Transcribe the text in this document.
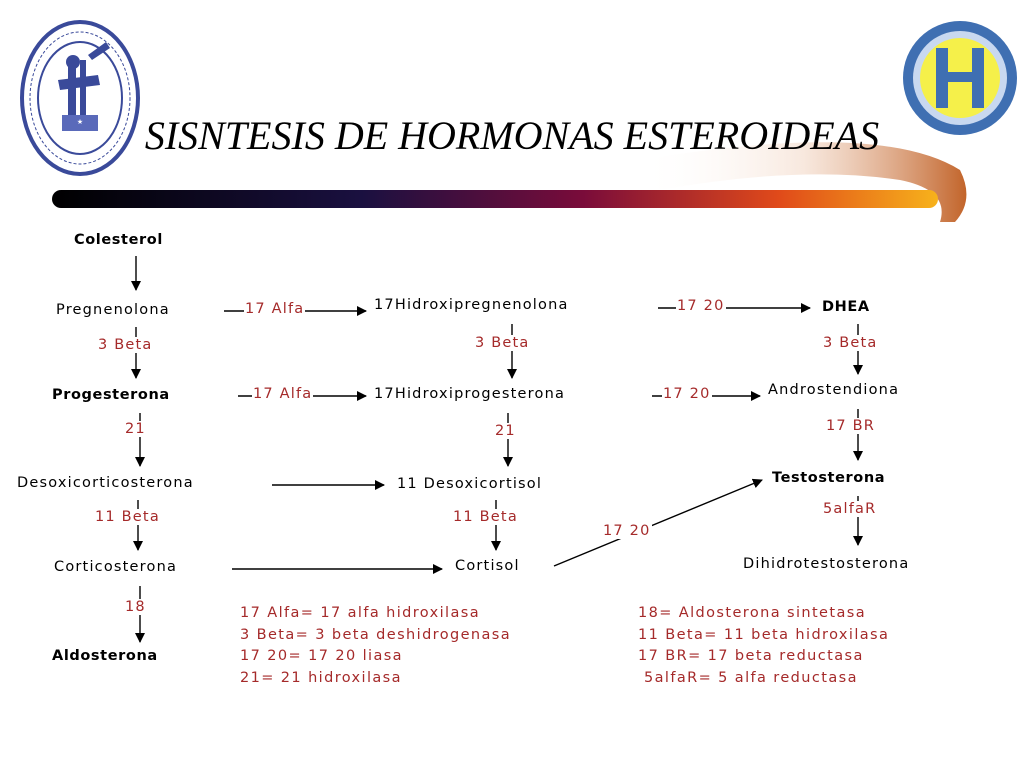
★	SISNTESIS DE HORMONAS ESTEROIDEAS
Colesterol
Pregnenolona	17Hidroxipregnenolona	DHEA
Progesterona	17Hidroxiprogesterona	Androstendiona
Desoxicorticosterona	11 Desoxicortisol	Testosterona
Corticosterona	Cortisol	Dihidrotestosterona
Aldosterona
17 Alfa	17 20
17 Alfa	17 20
3 Beta	3 Beta	3 Beta
21	21	17 BR
11 Beta	11 Beta
17 20
5alfaR
18	17 Alfa= 17 alfa hidroxilasa
3 Beta= 3 beta deshidrogenasa
17 20= 17 20 liasa
21= 21 hidroxilasa
18= Aldosterona sintetasa
11 Beta= 11 beta hidroxilasa
17 BR= 17 beta reductasa
5alfaR= 5 alfa reductasa
